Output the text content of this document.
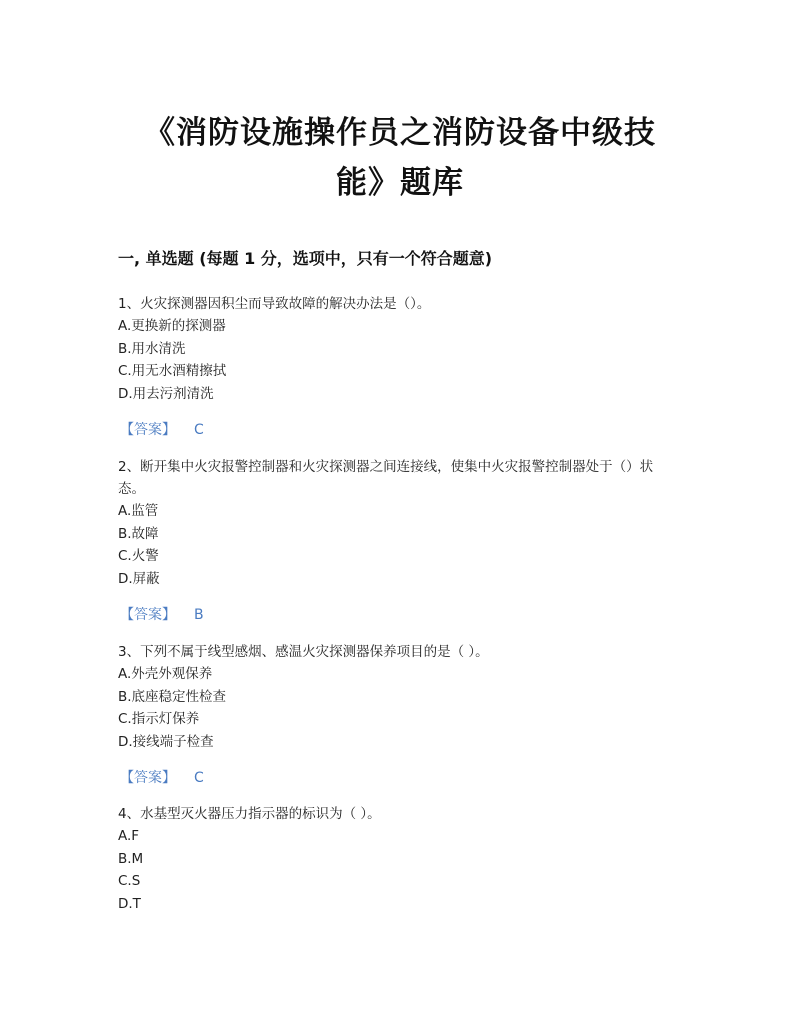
《消防设施操作员之消防设备中级技
能》题库
一, 单选题 (每题 1 分，选项中，只有一个符合题意)

1、火灾探测器因积尘而导致故障的解决办法是（）。

A.更换新的探测器

B.用水清洗

C.用无水酒精擦拭

D.用去污剂清洗

【答案】 C

2、断开集中火灾报警控制器和火灾探测器之间连接线，使集中火灾报警控制器处于（）状态。

A.监管

B.故障

C.火警

D.屏蔽

【答案】 B

3、下列不属于线型感烟、感温火灾探测器保养项目的是（ ）。

A.外壳外观保养

B.底座稳定性检查

C.指示灯保养

D.接线端子检查

【答案】 C

4、水基型灭火器压力指示器的标识为（ ）。

A.F

B.M

C.S

D.T
